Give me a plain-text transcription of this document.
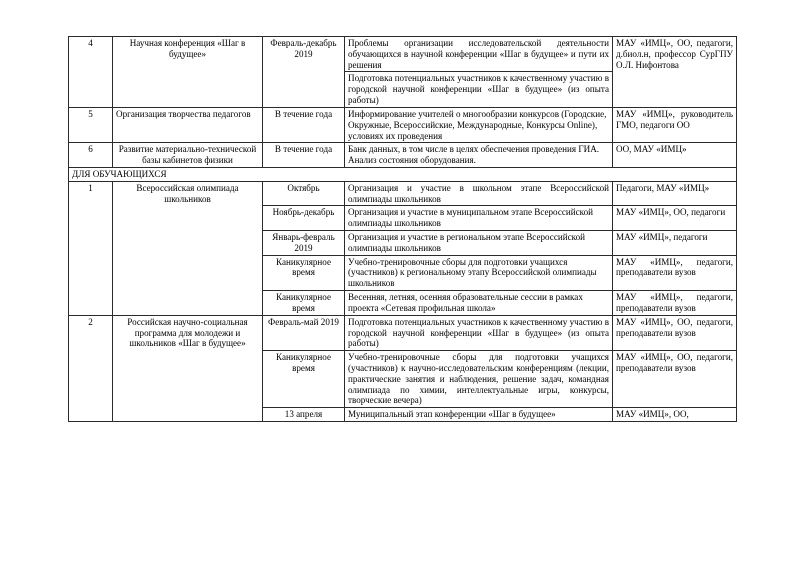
4	Научная конференция «Шаг в будущее»	Февраль-декабрь 2019	Проблемы организации исследовательской деятельности обучающихся в научной конференции «Шаг в будущее» и пути их решения	МАУ «ИМЦ», ОО, педагоги, д.биол.н, профессор СурГПУ О.Л. Нифонтова
			Подготовка потенциальных участников к качественному участию в городской научной конференции «Шаг в будущее» (из опыта работы)	
5	Организация творчества педагогов	В течение года	Информирование учителей о многообразии конкурсов (Городские, Окружные, Всероссийские, Международные, Конкурсы Online), условиях их проведения	МАУ «ИМЦ», руководитель ГМО, педагоги ОО
6	Развитие материально-технической базы кабинетов физики	В течение года	Банк данных, в том числе в целях обеспечения проведения ГИА. Анализ состояния оборудования.	ОО, МАУ «ИМЦ»
ДЛЯ ОБУЧАЮЩИХСЯ				
1	Всероссийская олимпиада школьников	Октябрь	Организация и участие в школьном этапе Всероссийской олимпиады школьников	Педагоги, МАУ «ИМЦ»
		Ноябрь-декабрь	Организация и участие в муниципальном этапе Всероссийской олимпиады школьников	МАУ «ИМЦ», ОО, педагоги
		Январь-февраль 2019	Организация и участие в региональном этапе Всероссийской олимпиады школьников	МАУ «ИМЦ», педагоги
		Каникулярное время	Учебно-тренировочные сборы для подготовки учащихся (участников) к региональному этапу Всероссийской олимпиады школьников	МАУ «ИМЦ», педагоги, преподаватели вузов
		Каникулярное время	Весенняя, летняя, осенняя образовательные сессии в рамках проекта «Сетевая профильная школа»	МАУ «ИМЦ», педагоги, преподаватели вузов
2	Российская научно-социальная программа для молодежи и школьников «Шаг в будущее»	Февраль-май 2019	Подготовка потенциальных участников к качественному участию в городской научной конференции «Шаг в будущее» (из опыта работы)	МАУ «ИМЦ», ОО, педагоги, преподаватели вузов
		Каникулярное время	Учебно-тренировочные сборы для подготовки учащихся (участников) к научно-исследовательским конференциям (лекции, практические занятия и наблюдения, решение задач, командная олимпиада по химии, интеллектуальные игры, конкурсы, творческие вечера)	МАУ «ИМЦ», ОО, педагоги, преподаватели вузов
		13 апреля	Муниципальный этап конференции «Шаг в будущее»	МАУ «ИМЦ», ОО,
